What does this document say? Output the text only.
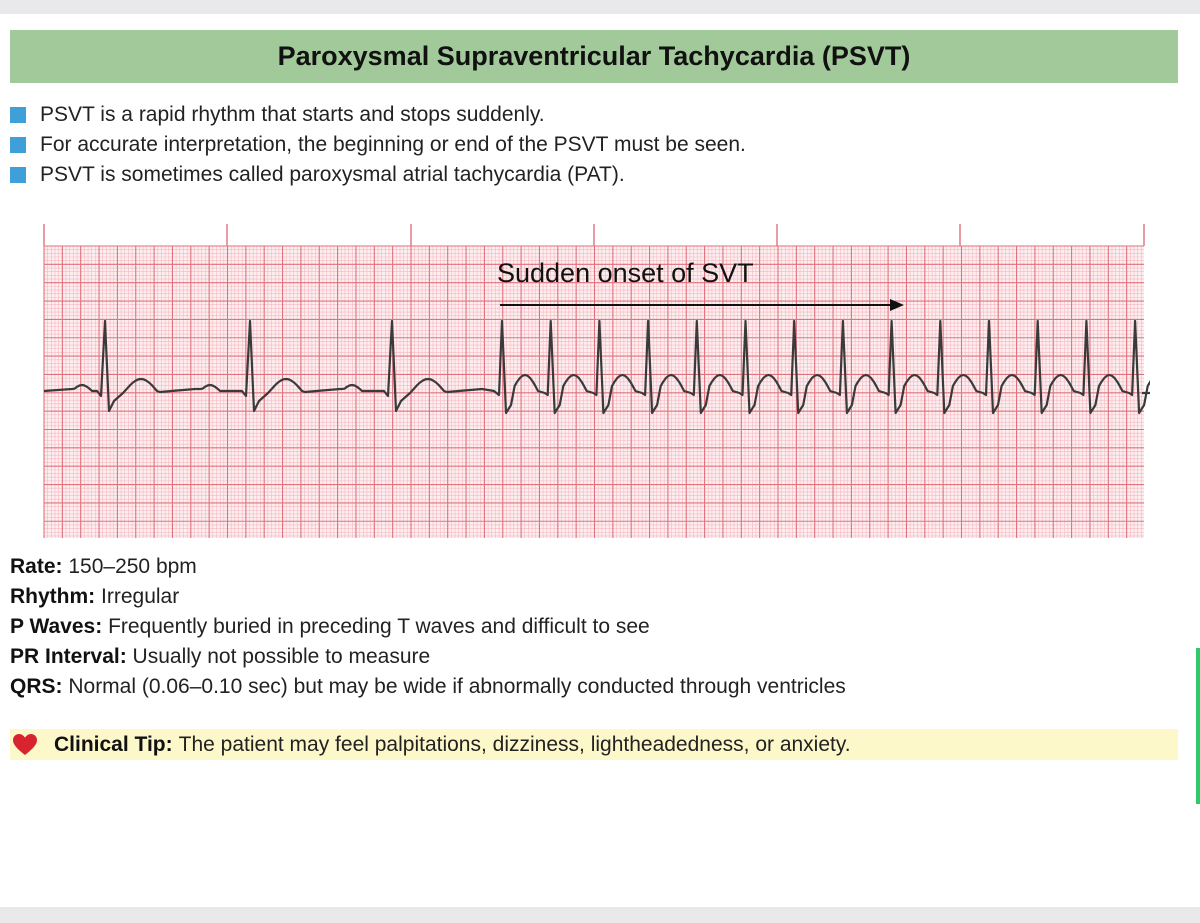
Paroxysmal Supraventricular Tachycardia (PSVT)
PSVT is a rapid rhythm that starts and stops suddenly.
For accurate interpretation, the beginning or end of the PSVT must be seen.
PSVT is sometimes called paroxysmal atrial tachycardia (PAT).
Sudden onset of SVT
Rate:
150–250 bpm
Rhythm:
Irregular
P Waves:
Frequently buried in preceding T waves and difficult to see
PR Interval:
Usually not possible to measure
QRS:
Normal (0.06–0.10 sec) but may be wide if abnormally conducted through ventricles
Clinical Tip: The patient may feel palpitations, dizziness, lightheadedness, or anxiety.
